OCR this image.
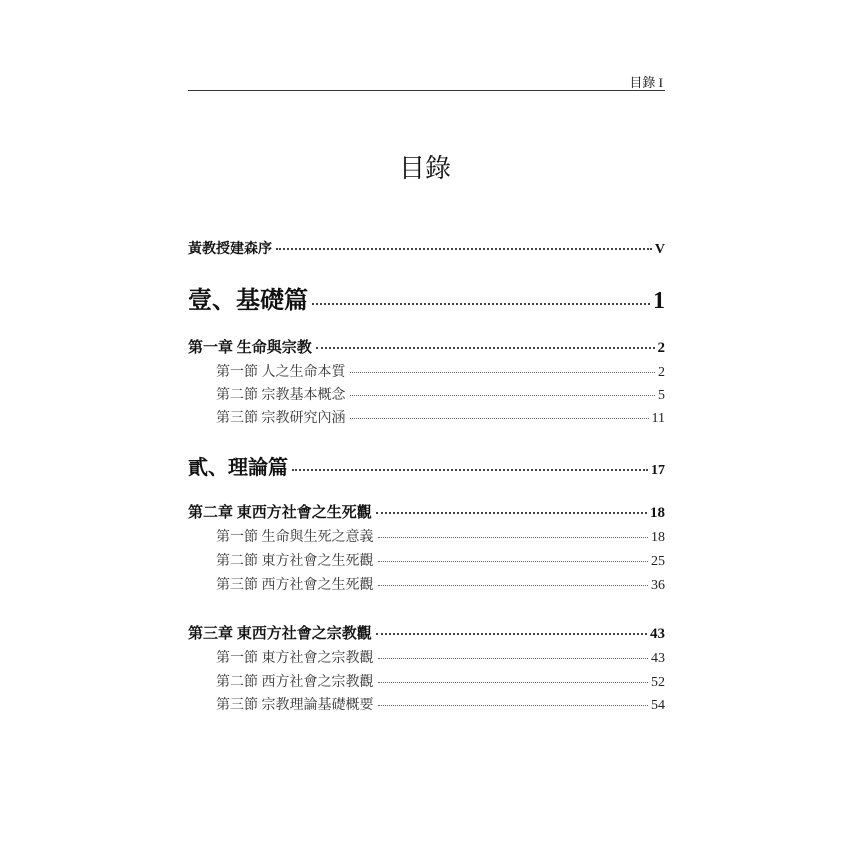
目錄 I
目錄
黃教授建森序	V
壹、基礎篇	1
第一章 生命與宗教	2
第一節 人之生命本質	2
第二節 宗教基本概念	5
第三節 宗教研究內涵	11
貳、理論篇	17
第二章 東西方社會之生死觀	18
第一節 生命與生死之意義	18
第二節 東方社會之生死觀	25
第三節 西方社會之生死觀	36
第三章 東西方社會之宗教觀	43
第一節 東方社會之宗教觀	43
第二節 西方社會之宗教觀	52
第三節 宗教理論基礎概要	54
